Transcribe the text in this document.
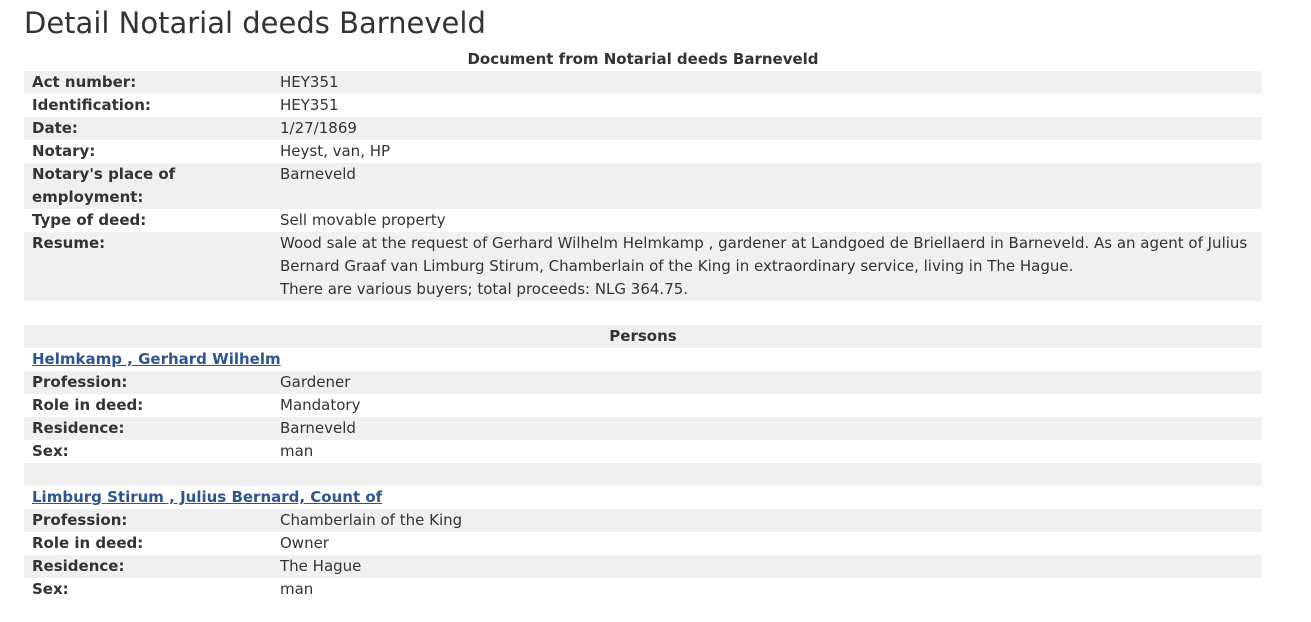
Detail Notarial deeds Barneveld
Document from Notarial deeds Barneveld	
Act number:	HEY351
Identification:	HEY351
Date:	1/27/1869
Notary:	Heyst, van, HP
Notary's place of employment:	Barneveld
Type of deed:	Sell movable property
Resume:	Wood sale at the request of Gerhard Wilhelm Helmkamp , gardener at Landgoed de Briellaerd in Barneveld. As an agent of Julius Bernard Graaf van Limburg Stirum, Chamberlain of the King in extraordinary service, living in The Hague.
There are various buyers; total proceeds: NLG 364.75.

Persons	
Helmkamp , Gerhard Wilhelm	
Profession:	Gardener
Role in deed:	Mandatory
Residence:	Barneveld
Sex:	man

Limburg Stirum , Julius Bernard, Count of	
Profession:	Chamberlain of the King
Role in deed:	Owner
Residence:	The Hague
Sex:	man
